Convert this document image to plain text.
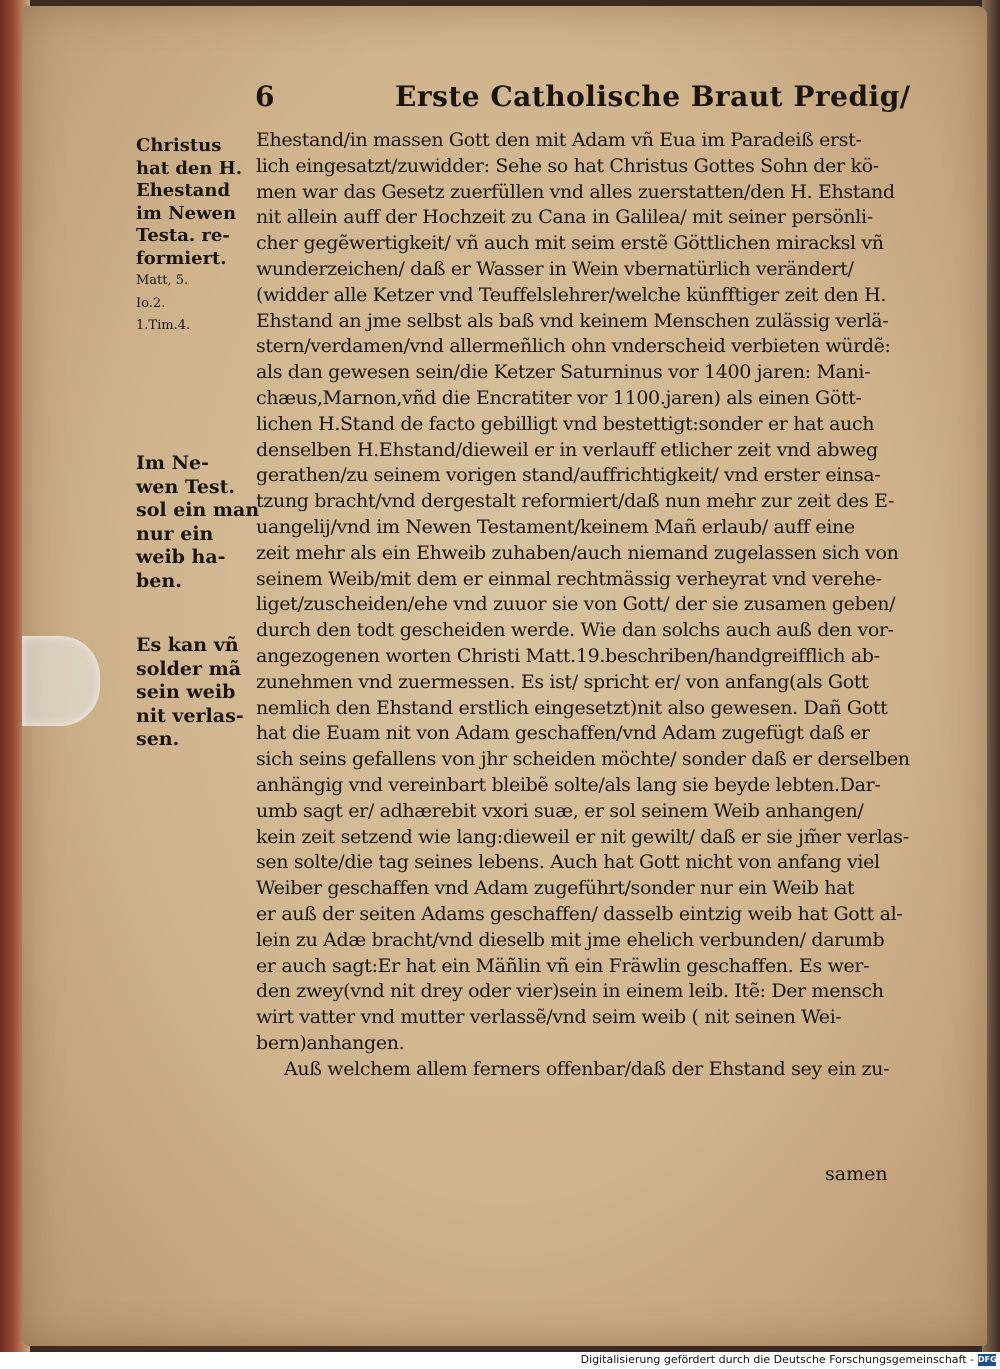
6	Erste Catholische Braut Predig/
Christus
hat den H.
Ehestand
im Newen
Testa. re-
formiert.
Matt, 5.
Io.2.
1.Tim.4.
Im Ne-
wen Test.
sol ein man
nur ein
weib ha-
ben.
Es kan vñ
solder mã
sein weib
nit verlas-
sen.
Ehestand/in massen Gott den mit Adam vñ Eua im Paradeiß erst-
lich eingesatzt/zuwidder: Sehe so hat Christus Gottes Sohn der kö-
men war das Gesetz zuerfüllen vnd alles zuerstatten/den H. Ehstand
nit allein auff der Hochzeit zu Cana in Galilea/ mit seiner persönli-
cher gegẽwertigkeit/ vñ auch mit seim erstẽ Göttlichen miracksl vñ
wunderzeichen/ daß er Wasser in Wein vbernatürlich verändert/
(widder alle Ketzer vnd Teuffelslehrer/welche künfftiger zeit den H.
Ehstand an jme selbst als baß vnd keinem Menschen zulässig verlä-
stern/verdamen/vnd allermeñlich ohn vnderscheid verbieten würdẽ:
als dan gewesen sein/die Ketzer Saturninus vor 1400 jaren: Mani-
chæus,Marnon,vñd die Encratiter vor 1100.jaren) als einen Gött-
lichen H.Stand de facto gebilligt vnd bestettigt:sonder er hat auch
denselben H.Ehstand/dieweil er in verlauff etlicher zeit vnd abweg
gerathen/zu seinem vorigen stand/auffrichtigkeit/ vnd erster einsa-
tzung bracht/vnd dergestalt reformiert/daß nun mehr zur zeit des E-
uangelij/vnd im Newen Testament/keinem Mañ erlaub/ auff eine
zeit mehr als ein Ehweib zuhaben/auch niemand zugelassen sich von
seinem Weib/mit dem er einmal rechtmässig verheyrat vnd verehe-
liget/zuscheiden/ehe vnd zuuor sie von Gott/ der sie zusamen geben/
durch den todt gescheiden werde. Wie dan solchs auch auß den vor-
angezogenen worten Christi Matt.19.beschriben/handgreifflich ab-
zunehmen vnd zuermessen. Es ist/ spricht er/ von anfang(als Gott
nemlich den Ehstand erstlich eingesetzt)nit also gewesen. Dañ Gott
hat die Euam nit von Adam geschaffen/vnd Adam zugefügt daß er
sich seins gefallens von jhr scheiden möchte/ sonder daß er derselben
anhängig vnd vereinbart bleibẽ solte/als lang sie beyde lebten.Dar-
umb sagt er/ adhærebit vxori suæ, er sol seinem Weib anhangen/
kein zeit setzend wie lang:dieweil er nit gewilt/ daß er sie jm̃er verlas-
sen solte/die tag seines lebens. Auch hat Gott nicht von anfang viel
Weiber geschaffen vnd Adam zugeführt/sonder nur ein Weib hat
er auß der seiten Adams geschaffen/ dasselb eintzig weib hat Gott al-
lein zu Adæ bracht/vnd dieselb mit jme ehelich verbunden/ darumb
er auch sagt:Er hat ein Mäñlin vñ ein Fräwlin geschaffen. Es wer-
den zwey(vnd nit drey oder vier)sein in einem leib. Itẽ: Der mensch
wirt vatter vnd mutter verlassẽ/vnd seim weib ( nit seinen Wei-
bern)anhangen.
Auß welchem allem ferners offenbar/daß der Ehstand sey ein zu-
samen
Digitalisierung gefördert durch die Deutsche Forschungsgemeinschaft - DFG
